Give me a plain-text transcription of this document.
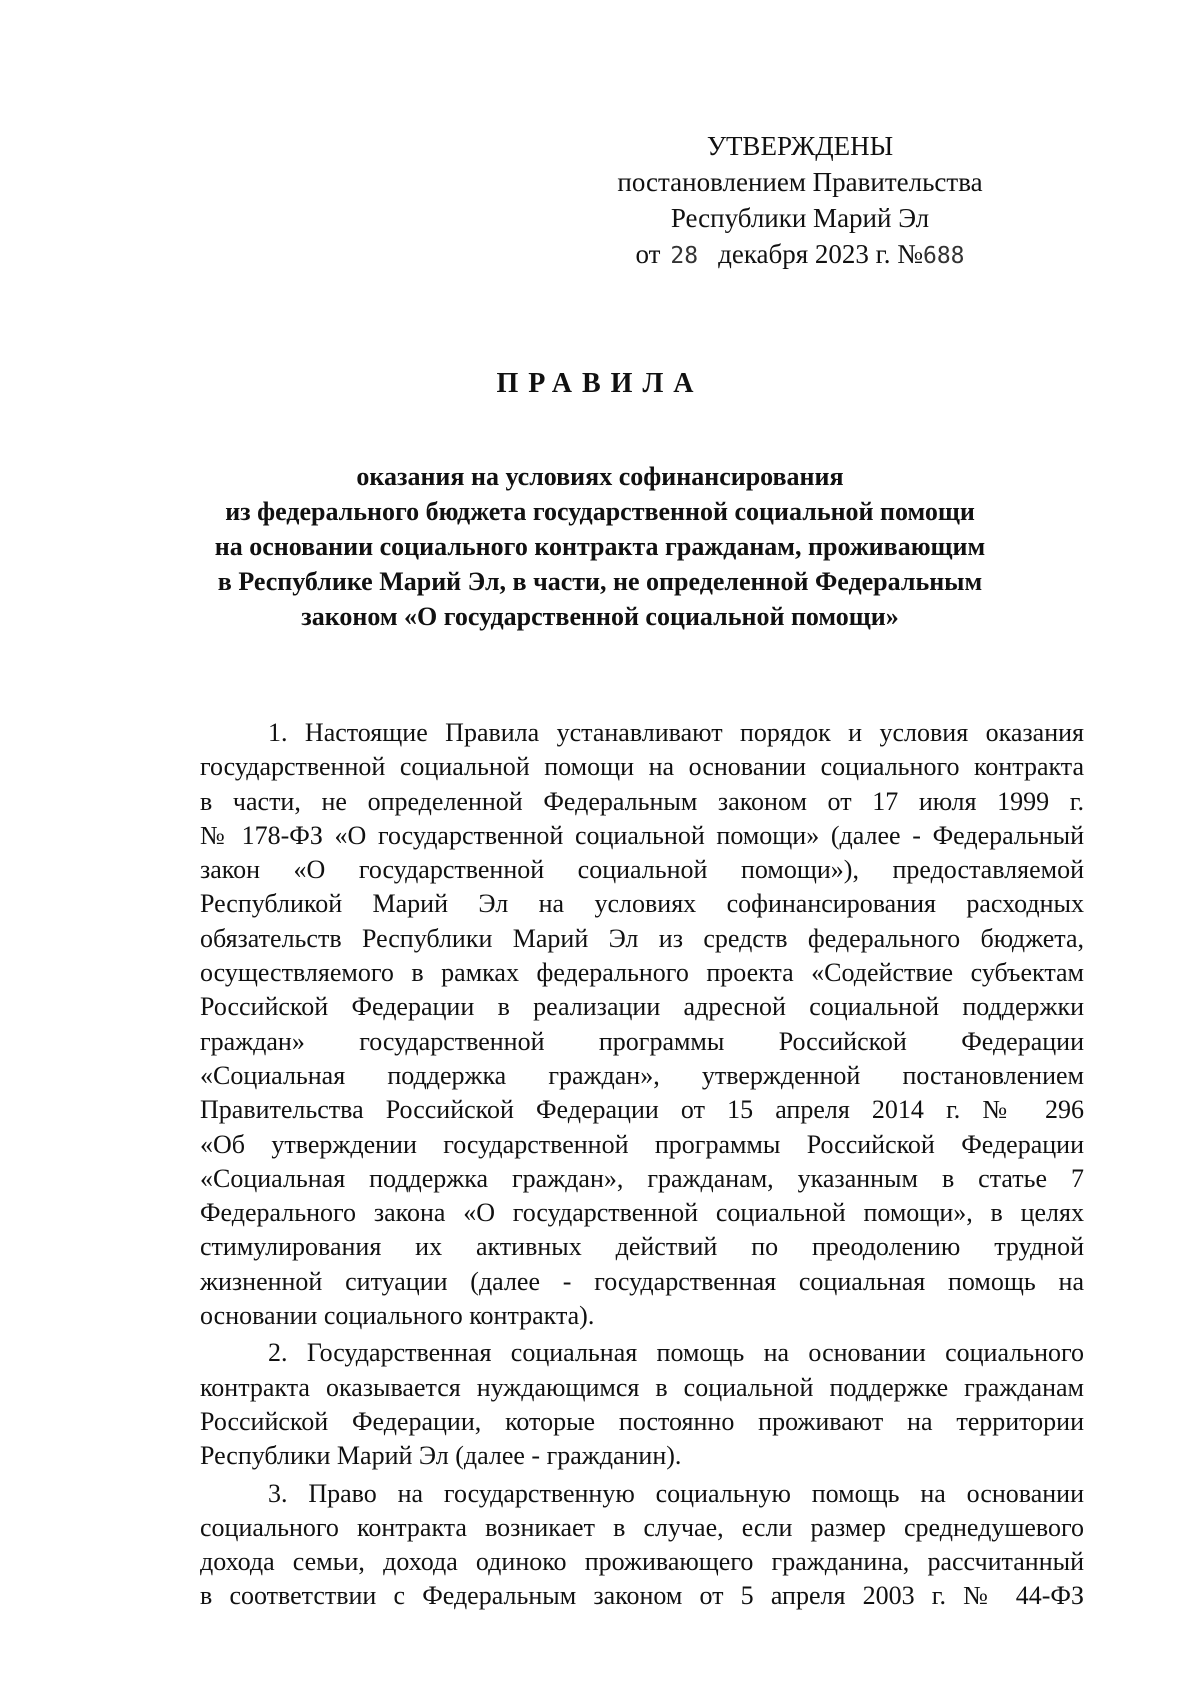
УТВЕРЖДЕНЫ
постановлением Правительства
Республики Марий Эл
от 28 декабря 2023 г. №688
ПРАВИЛА
оказания на условиях софинансирования
из федерального бюджета государственной социальной помощи
на основании социального контракта гражданам, проживающим
в Республике Марий Эл, в части, не определенной Федеральным
законом «О государственной социальной помощи»
1. Настоящие Правила устанавливают порядок и условия оказания
государственной социальной помощи на основании социального контракта
в части, не определенной Федеральным законом от 17 июля 1999 г.
№ 178-ФЗ «О государственной социальной помощи» (далее - Федеральный
закон «О государственной социальной помощи»), предоставляемой
Республикой Марий Эл на условиях софинансирования расходных
обязательств Республики Марий Эл из средств федерального бюджета,
осуществляемого в рамках федерального проекта «Содействие субъектам
Российской Федерации в реализации адресной социальной поддержки
граждан» государственной программы Российской Федерации
«Социальная поддержка граждан», утвержденной постановлением
Правительства Российской Федерации от 15 апреля 2014 г. № 296
«Об утверждении государственной программы Российской Федерации
«Социальная поддержка граждан», гражданам, указанным в статье 7
Федерального закона «О государственной социальной помощи», в целях
стимулирования их активных действий по преодолению трудной
жизненной ситуации (далее - государственная социальная помощь на
основании социального контракта).
2. Государственная социальная помощь на основании социального
контракта оказывается нуждающимся в социальной поддержке гражданам
Российской Федерации, которые постоянно проживают на территории
Республики Марий Эл (далее - гражданин).
3. Право на государственную социальную помощь на основании
социального контракта возникает в случае, если размер среднедушевого
дохода семьи, дохода одиноко проживающего гражданина, рассчитанный
в соответствии с Федеральным законом от 5 апреля 2003 г. № 44-ФЗ
